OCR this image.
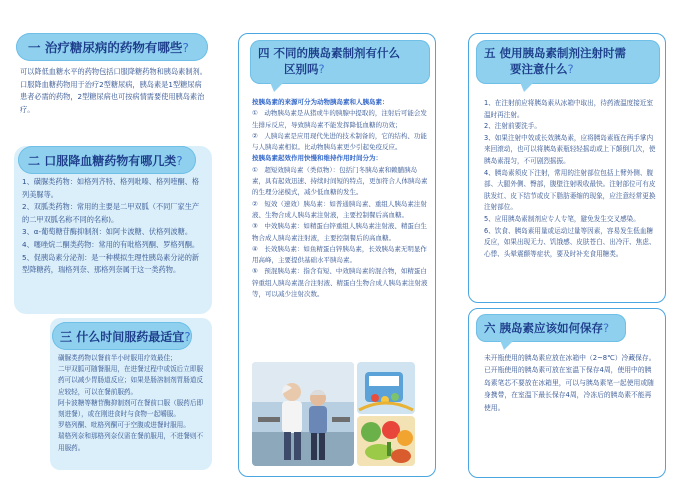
一 治疗糖尿病的药物有哪些?

可以降低血糖水平的药物包括口服降糖药物和胰岛素制剂。口服降血糖药物用于治疗2型糖尿病，胰岛素是1型糖尿病患者必需的药物，2型糖尿病也可按病情需要使用胰岛素治疗。

二 口服降血糖药物有哪几类?

1、磺脲类药物：如格列齐特、格列吡嗪、格列喹酮、格列美脲等。

2、双胍类药物：常用的主要是二甲双胍（不同厂家生产的二甲双胍名称不同的名称)。

3、α-葡萄糖苷酶抑制剂：如阿卡波糖、伏格列波糖。

4、噻唑烷二酮类药物：常用的有吡格列酮、罗格列酮。

5、促胰岛素分泌剂：是一种模拟生理性胰岛素分泌的新型降糖药，瑞格列奈、那格列奈属于这一类药物。

三 什么时间服药最适宜?

磺脲类药物以餐前半小时服用疗效最佳；

二甲双胍可随餐服用，在进餐过程中或饭后立即服药可以减少胃肠道反应；如果是肠溶制剂胃肠道反应较轻，可以在餐前服药。

阿卡波糖等糖苷酶抑制剂可在餐前口服（服药后即刻进餐），或在刚进食时与食物一起嚼服。

罗格列酮、吡格列酮可于空腹或进餐时服用。

瑞格列奈和那格列奈仅需在餐前服用，不进餐则不用服药。

四 不同的胰岛素制剂有什么
区别吗?

按胰岛素的来源可分为动物胰岛素和人胰岛素：

①　动物胰岛素是从猪或牛的胰腺中提取的，注射后可能会发生排斥反应，导致胰岛素不能发挥降低血糖的功效；

②　人胰岛素是应用现代先进的技术制备的，它的结构、功能与人胰岛素相似。比动物胰岛素更少引起免疫反应。

按胰岛素起效作用快慢和维持作用时间分为：

①　超短效胰岛素（类似物）：包括门冬胰岛素和赖脯胰岛素，具有起效迅速、持续时间短的特点，更加符合人体胰岛素的生理分泌模式，减少低血糖的发生。

②　短效（速效）胰岛素：如普通胰岛素、重组人胰岛素注射液、生物合成人胰岛素注射液，主要控制餐后高血糖。

③　中效胰岛素：如精蛋白锌重组人胰岛素注射液、精蛋白生物合成人胰岛素注射液，主要控制餐后的高血糖。

④　长效胰岛素：如鱼精蛋白锌胰岛素，长效胰岛素无明显作用高峰，主要提供基础水平胰岛素。

⑤　预混胰岛素：指含有短、中效胰岛素的混合物，如精蛋白锌重组人胰岛素混合注射液、精蛋白生物合成人胰岛素注射液等，可以减少注射次数。

五 使用胰岛素制剂注射时需
要注意什么?

1、在注射前应将胰岛素从冰箱中取出，待药液温度接近室温时再注射。

2、注射前要洗手。

3、如果注射中效或长效胰岛素，应将胰岛素瓶在两手掌内来回滚动，也可以将胰岛素瓶轻轻摇动或上下颠倒几次，使胰岛素混匀，不可剧烈摇振。

4、胰岛素须皮下注射，常用的注射部位包括上臂外侧、腹部、大腿外侧、臀部，腹壁注射吸收最快。注射部位可有皮肤发红、皮下结节或皮下脂肪萎缩的现象，应注意经常更换注射部位。

5、应用胰岛素制剂应专人专笔，避免发生交叉感染。

6、饮食、胰岛素用量或运动过量等因素，容易发生低血糖反应，如果出现无力、饥饿感、皮肤苍白、出冷汗、焦虑、心悸、头晕震颤等症状，要及时补充食用糖类。

六 胰岛素应该如何保存?

未开瓶使用的胰岛素应放在冰箱中（2~8℃）冷藏保存。已开瓶使用的胰岛素可放在室温下保存4周，使用中的胰岛素笔芯不要放在冰箱里，可以与胰岛素笔一起使用或随身携带，在室温下最长保存4周，冷冻后的胰岛素不能再使用。
